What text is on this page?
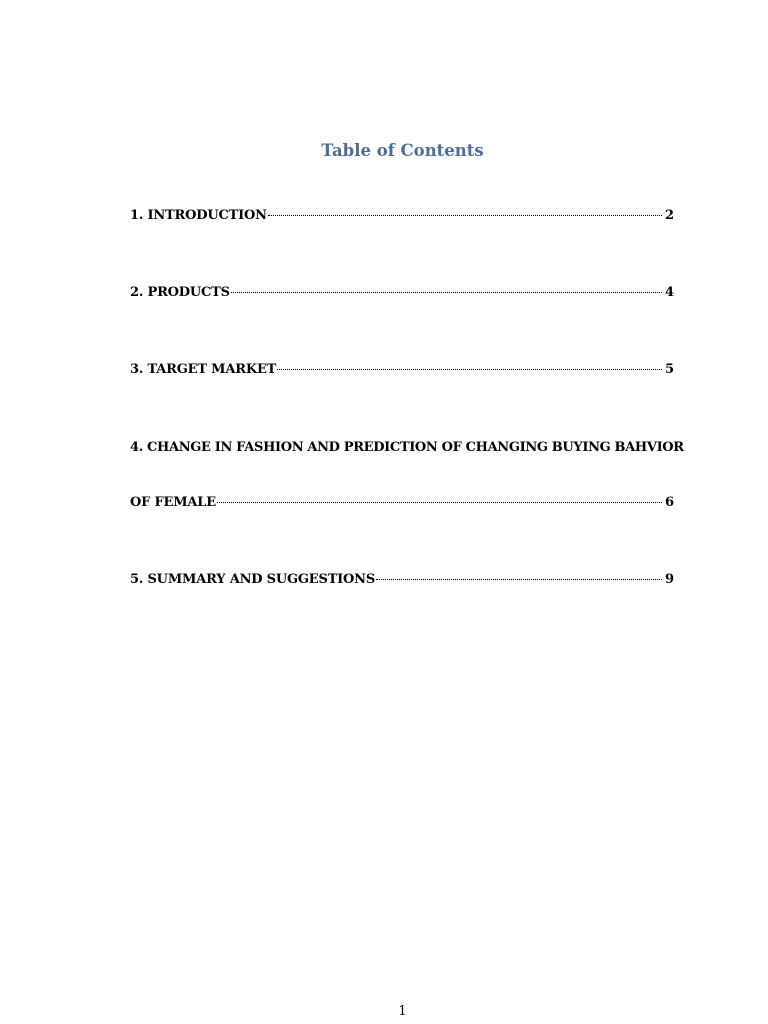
Table of Contents
1. INTRODUCTION	2
2. PRODUCTS	4
3. TARGET MARKET	5
4. CHANGE IN FASHION AND PREDICTION OF CHANGING BUYING BAHVIOR
OF FEMALE	6
5. SUMMARY AND SUGGESTIONS	9
1
